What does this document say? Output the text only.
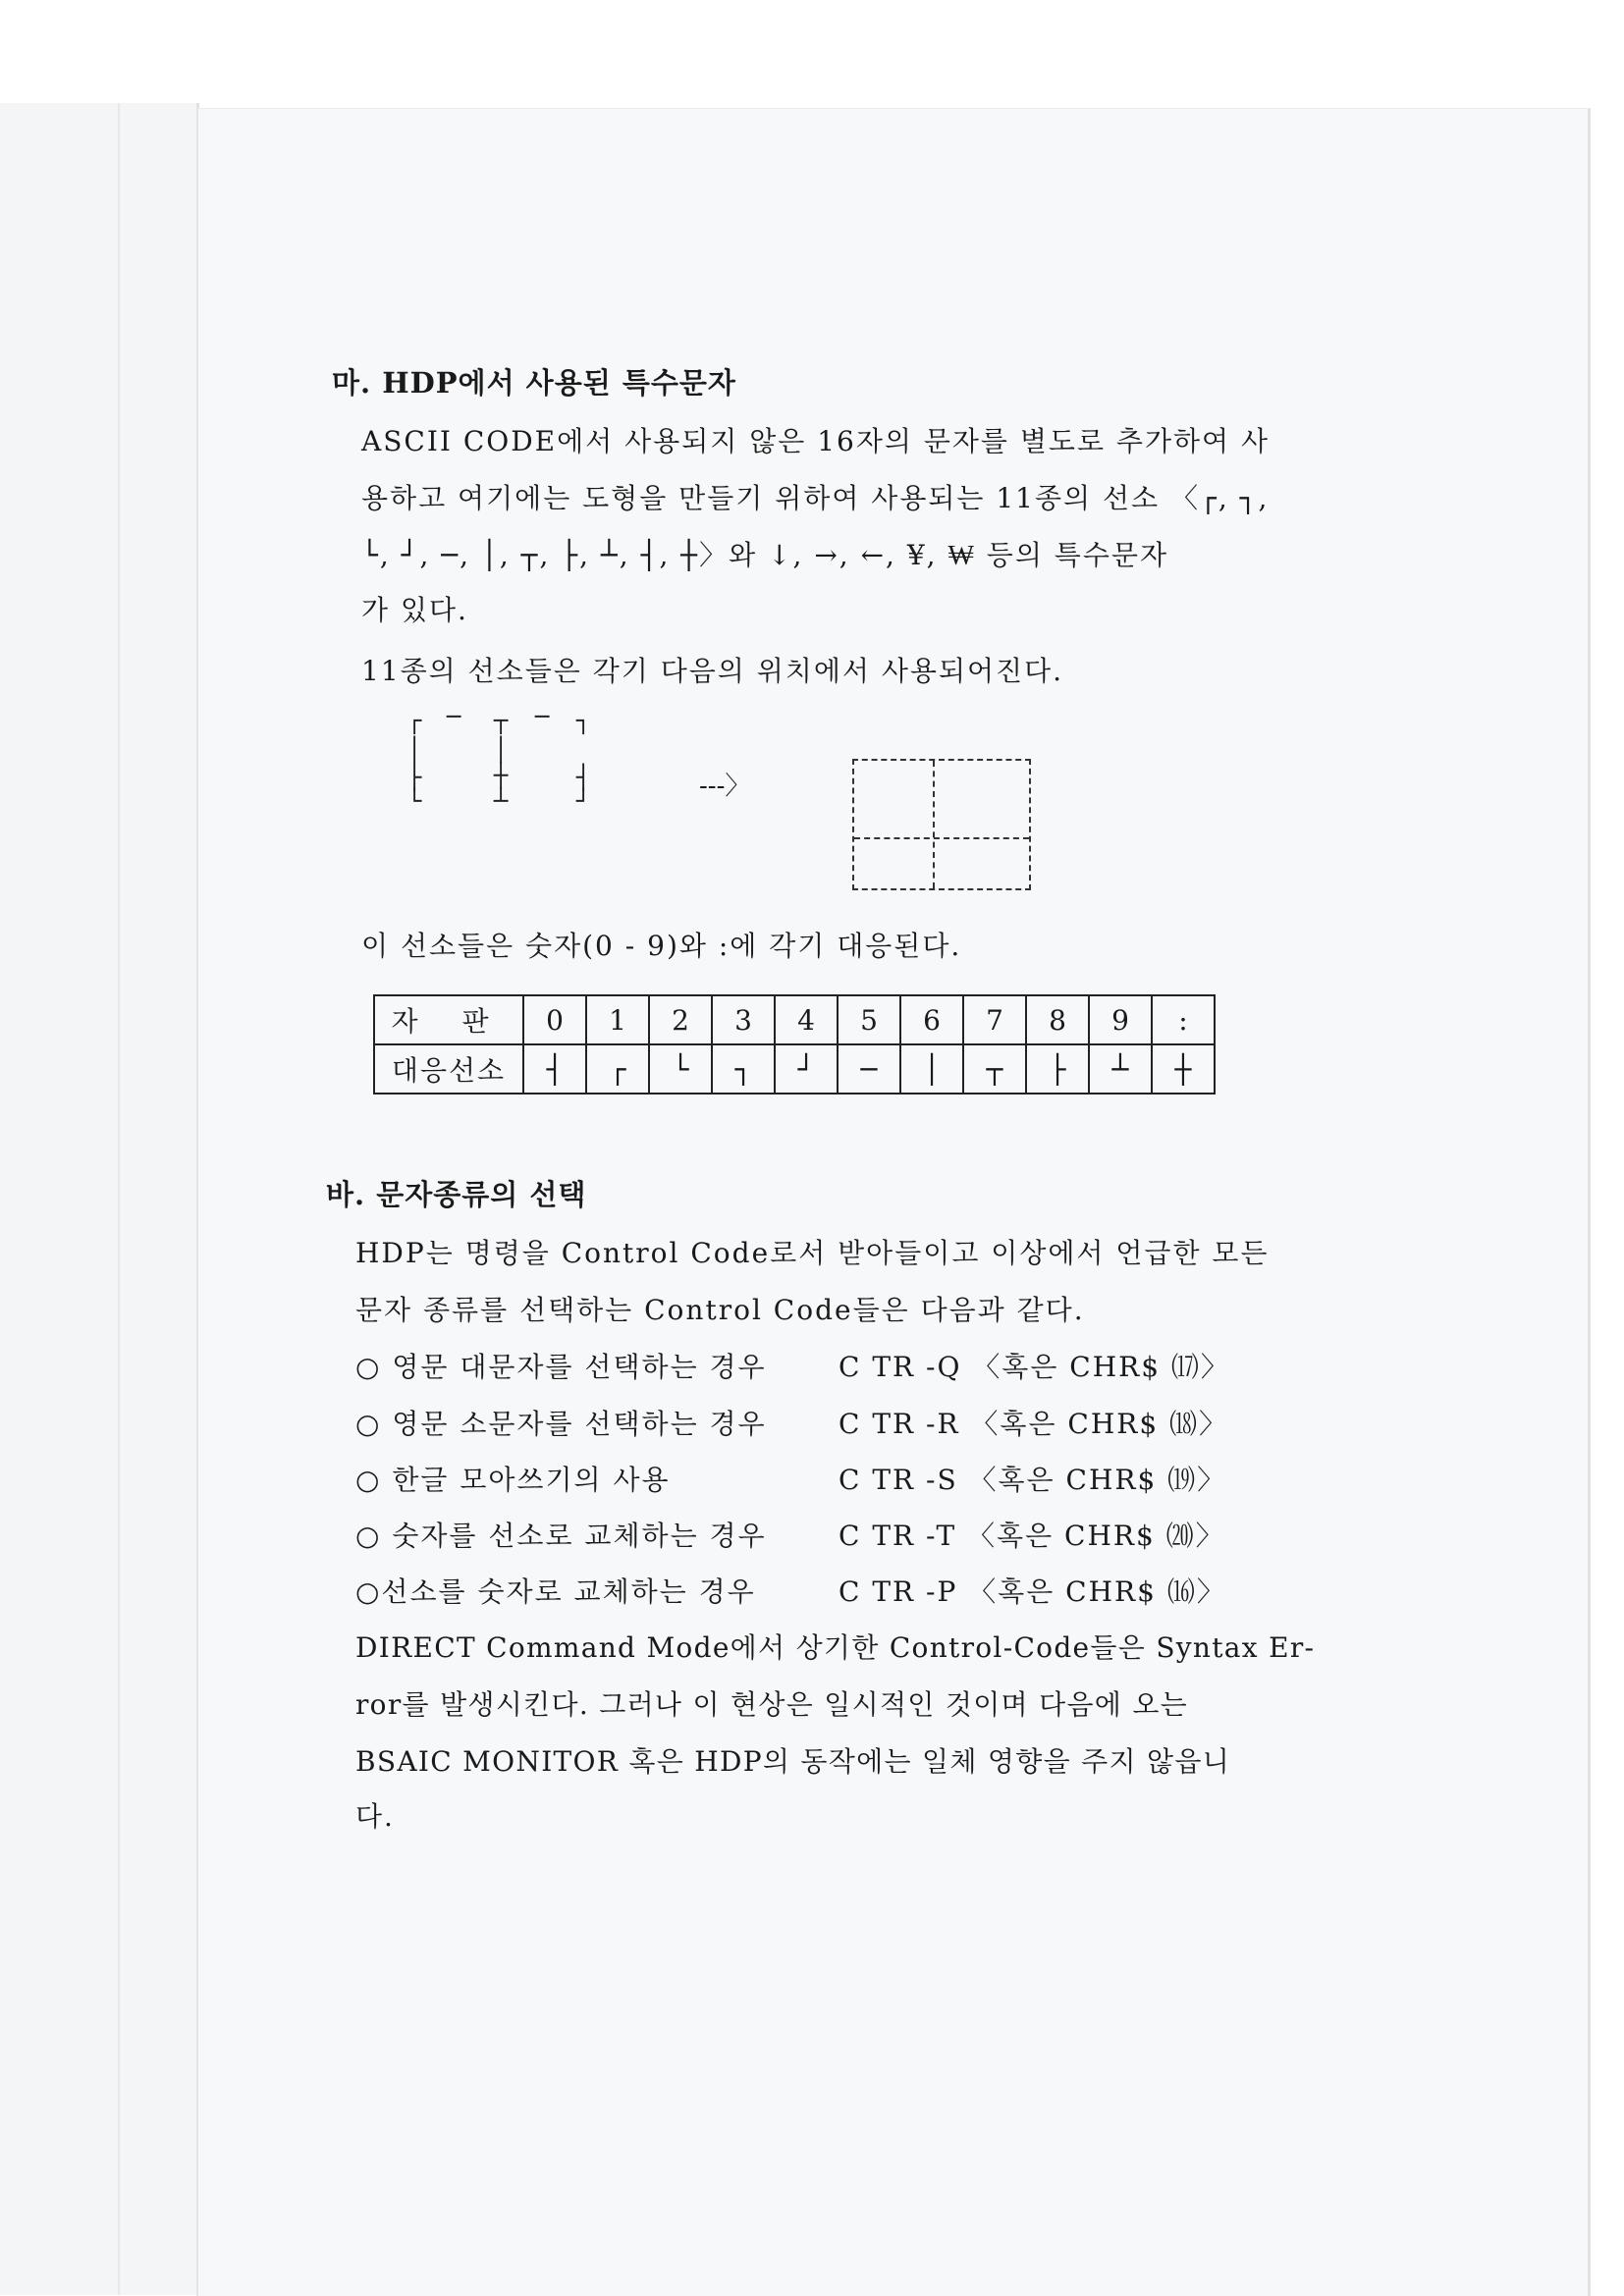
마. HDP에서 사용된 특수문자
ASCII CODE에서 사용되지 않은 16자의 문자를 별도로 추가하여 사
용하고 여기에는 도형을 만들기 위하여 사용되는 11종의 선소 〈┌, ┐,
└, ┘, ─, │, ┬, ├, ┴, ┤, ┼〉와 ↓, →, ←, ¥, ₩ 등의 특수문자
가 있다.
11종의 선소들은 각기 다음의 위치에서 사용되어진다.
┌ ─ ┬ ─ ┐
│	│
├	┼	┤
└	┴	┘	---〉
이 선소들은 숫자(0 - 9)와 :에 각기 대응된다.
자 판	0	1	2	3	4	5	6	7	8	9	:
대응선소	┤	┌	└	┐	┘	─	│	┬	├	┴	┼
바. 문자종류의 선택
HDP는 명령을 Control Code로서 받아들이고 이상에서 언급한 모든
문자 종류를 선택하는 Control Code들은 다음과 같다.
○ 영문 대문자를 선택하는 경우	C TR -Q 〈혹은 CHR$ ⒄〉
○ 영문 소문자를 선택하는 경우	C TR -R 〈혹은 CHR$ ⒅〉
○ 한글 모아쓰기의 사용	C TR -S 〈혹은 CHR$ ⒆〉
○ 숫자를 선소로 교체하는 경우	C TR -T 〈혹은 CHR$ ⒇〉
○선소를 숫자로 교체하는 경우	C TR -P 〈혹은 CHR$ ⒃〉
DIRECT Command Mode에서 상기한 Control-Code들은 Syntax Er-
ror를 발생시킨다. 그러나 이 현상은 일시적인 것이며 다음에 오는
BSAIC MONITOR 혹은 HDP의 동작에는 일체 영향을 주지 않읍니
다.
